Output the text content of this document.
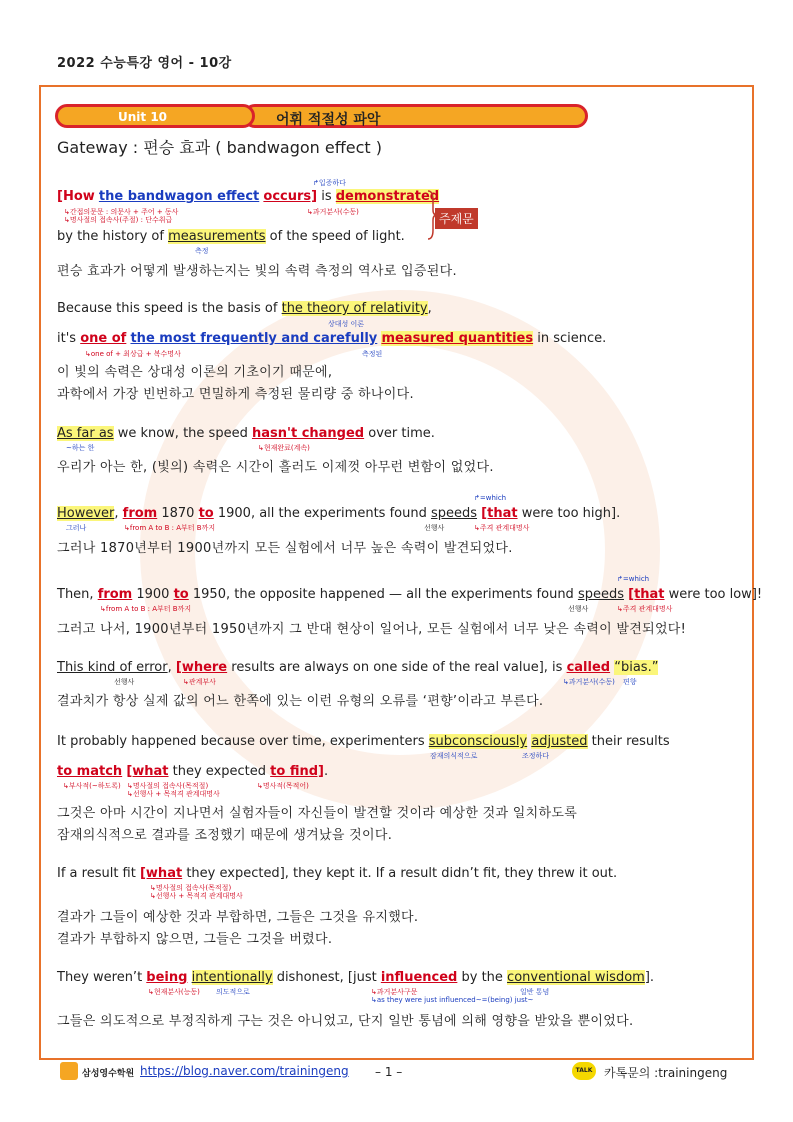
2022 수능특강 영어 - 10강
어휘 적절성 파악
Unit 10
Gateway : 편승 효과 ( bandwagon effect )
↱입증하다
[How the bandwagon effect occurs] is demonstrated
↳간접의문문 : 의문사 + 주어 + 동사
↳명사절의 접속사(주절) : 단수취급
↳과거분사(수동)
by the history of measurements of the speed of light.
측정
주제문
편승 효과가 어떻게 발생하는지는 빛의 속력 측정의 역사로 입증된다.
Because this speed is the basis of the theory of relativity,
상대성 이론
it's one of the most frequently and carefully measured quantities in science.
↳one of + 최상급 + 복수명사	측정된
이 빛의 속력은 상대성 이론의 기초이기 때문에,
과학에서 가장 빈번하고 면밀하게 측정된 물리량 중 하나이다.
As far as we know, the speed hasn't changed over time.
~하는 한	↳현재완료(계속)
우리가 아는 한, (빛의) 속력은 시간이 흘러도 이제껏 아무런 변함이 없었다.
↱=which
However, from 1870 to 1900, all the experiments found speeds [that were too high].
그러나	↳from A to B : A부터 B까지	선행사	↳주격 관계대명사
그러나 1870년부터 1900년까지 모든 실험에서 너무 높은 속력이 발견되었다.
↱=which
Then, from 1900 to 1950, the opposite happened — all the experiments found speeds [that were too low]!
↳from A to B : A부터 B까지	선행사	↳주격 관계대명사
그러고 나서, 1900년부터 1950년까지 그 반대 현상이 일어나, 모든 실험에서 너무 낮은 속력이 발견되었다!
This kind of error, [where results are always on one side of the real value], is called “bias.”
선행사	↳관계부사	↳과거분사(수동) 편향
결과치가 항상 실제 값의 어느 한쪽에 있는 이런 유형의 오류를 ‘편향’이라고 부른다.
It probably happened because over time, experimenters subconsciously adjusted their results
잠재의식적으로	조정하다
to match [what they expected to find].
↳부사적(~하도록) ↳명사절의 접속사(목적절)	↳명사적(목적어)
↳선행사 + 목적격 관계대명사
그것은 아마 시간이 지나면서 실험자들이 자신들이 발견할 것이라 예상한 것과 일치하도록
잠재의식적으로 결과를 조정했기 때문에 생겨났을 것이다.
If a result fit [what they expected], they kept it. If a result didn’t fit, they threw it out.
↳명사절의 접속사(목적절)
↳선행사 + 목적격 관계대명사
결과가 그들이 예상한 것과 부합하면, 그들은 그것을 유지했다.
결과가 부합하지 않으면, 그들은 그것을 버렸다.
They weren’t being intentionally dishonest, [just influenced by the conventional wisdom].
↳현재분사(능동) 의도적으로	↳과거분사구문	일반 통념
↳as they were just influenced~=(being) just~
그들은 의도적으로 부정직하게 구는 것은 아니었고, 단지 일반 통념에 의해 영향을 받았을 뿐이었다.
삼성영수학원 https://blog.naver.com/trainingeng – 1 –	TALK 카톡문의 :trainingeng
